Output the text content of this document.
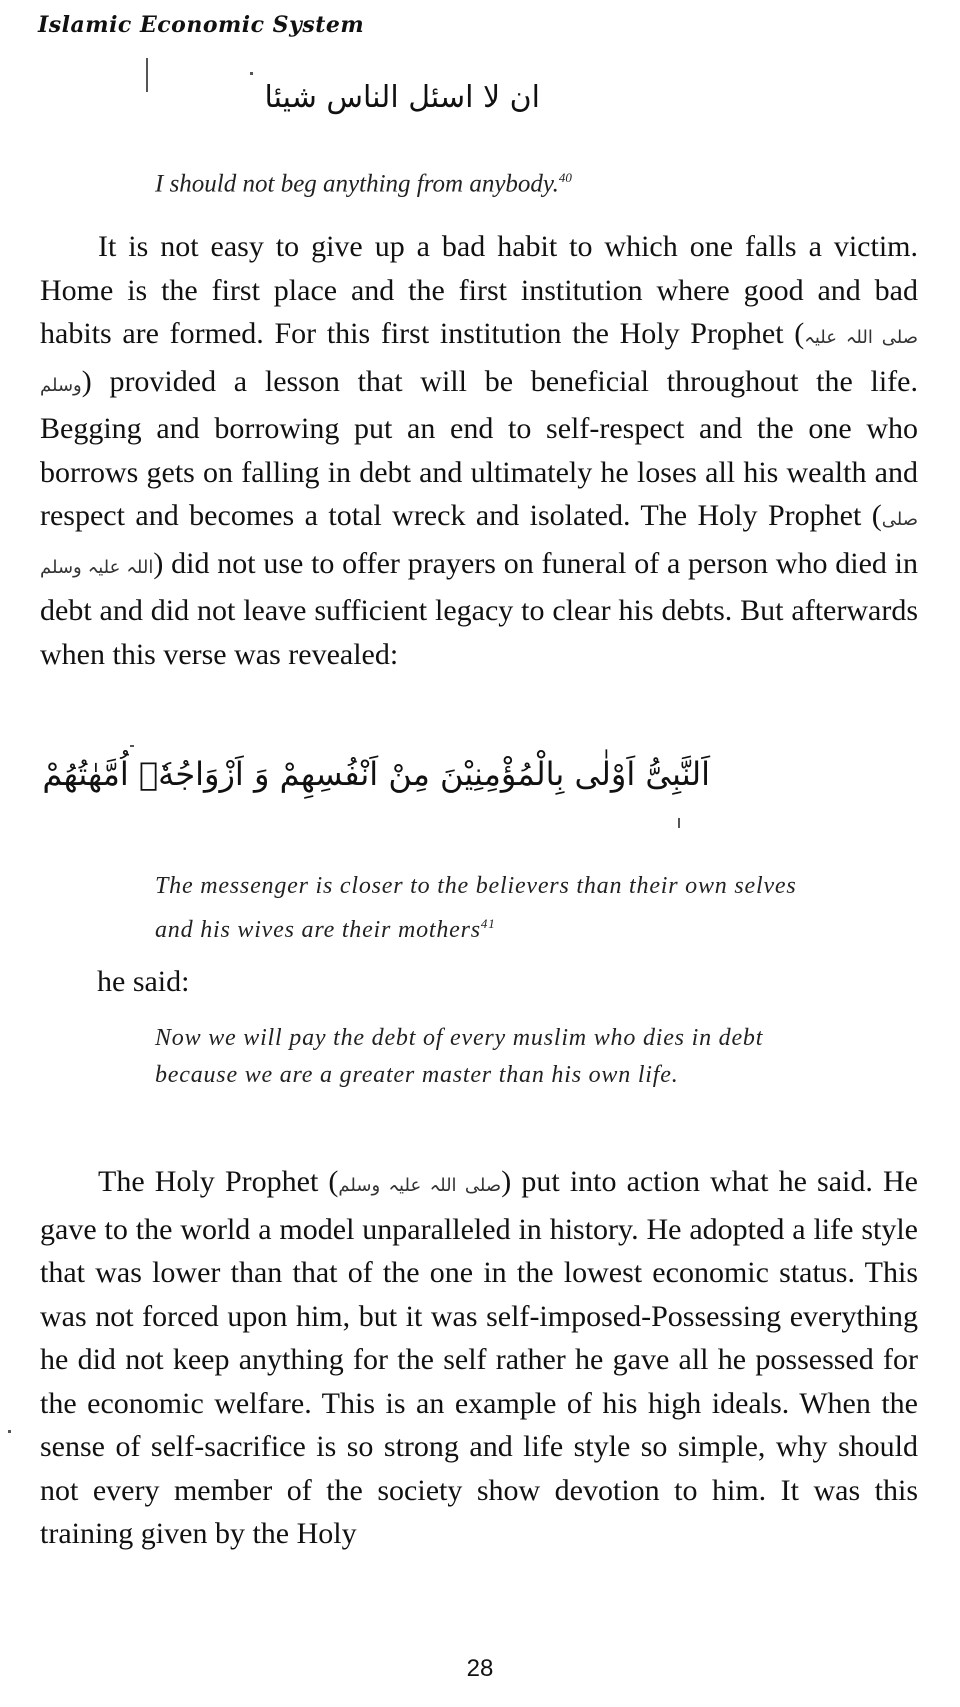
Islamic Economic System
ان لا اسئل الناس شیئا
I should not beg anything from anybody.$^{40}$
It is not easy to give up a bad habit to which one falls a victim. Home is the first place and the first institution where good and bad habits are formed. For this first institution the Holy Prophet (صلی اللہ علیہ وسلم) provided a lesson that will be beneficial throughout the life. Begging and borrowing put an end to self-respect and the one who borrows gets on falling in debt and ultimately he loses all his wealth and respect and becomes a total wreck and isolated. The Holy Prophet (صلی اللہ علیہ وسلم) did not use to offer prayers on funeral of a person who died in debt and did not leave sufficient legacy to clear his debts. But afterwards when this verse was revealed:
اَلنَّبِیُّ اَوْلٰی بِالْمُؤْمِنِیْنَ مِنْ اَنْفُسِهِمْ وَ اَزْوَاجُهٗۤ اُمَّهٰتُهُمْ
The messenger is closer to the believers than their own selves and his wives are their mothers$^{41}$
he said:
Now we will pay the debt of every muslim who dies in debt because we are a greater master than his own life.
The Holy Prophet (صلی اللہ علیہ وسلم) put into action what he said. He gave to the world a model unparalleled in history. He adopted a life style that was lower than that of the one in the lowest economic status. This was not forced upon him, but it was self-imposed-Possessing everything he did not keep anything for the self rather he gave all he possessed for the economic welfare. This is an example of his high ideals. When the sense of self-sacrifice is so strong and life style so simple, why should not every member of the society show devotion to him. It was this training given by the Holy
28
